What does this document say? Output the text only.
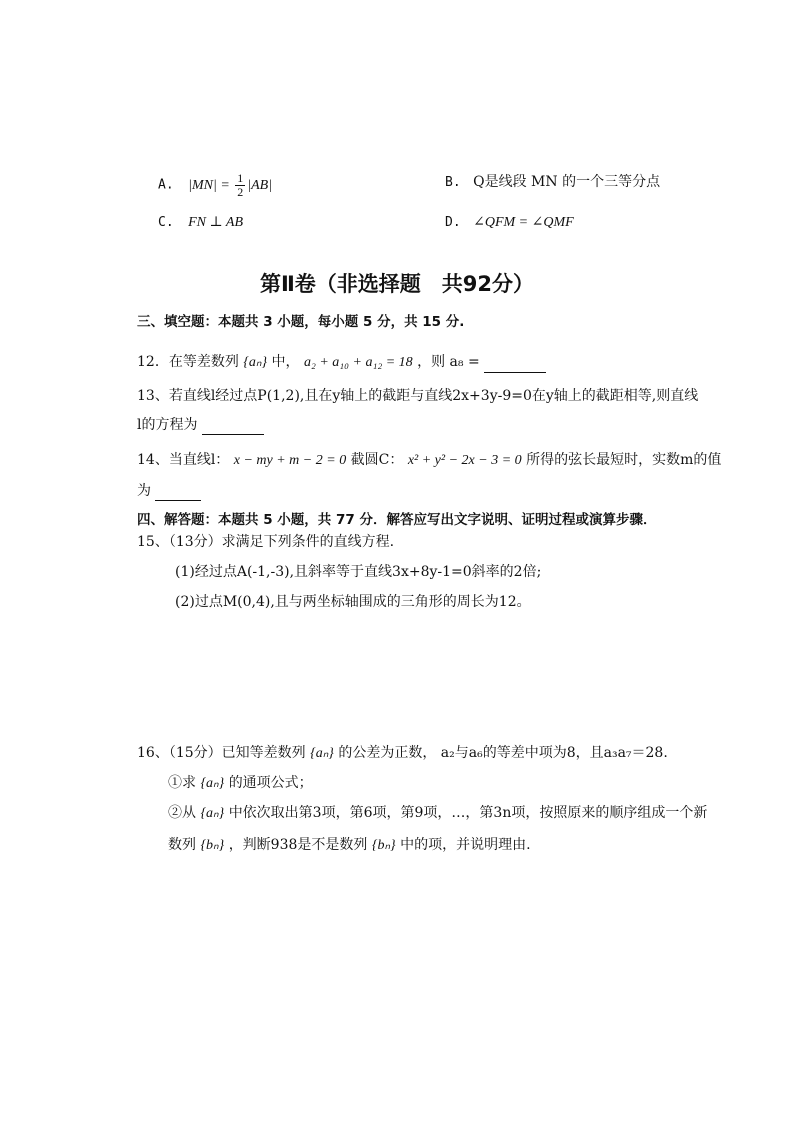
A. $|MN| = \frac{1}{2} |AB|$	B. Q是线段 MN 的一个三等分点
C. FN ⊥ AB	D. ∠QFM = ∠QMF
第Ⅱ卷（非选择题　共92分）
三、填空题：本题共 3 小题，每小题 5 分，共 15 分.
12．在等差数列 {aₙ} 中， a₂ + a₁₀ + a₁₂ = 18 ，则 a₈ =
13、若直线l经过点P(1,2),且在y轴上的截距与直线2x+3y-9=0在y轴上的截距相等,则直线
l的方程为
14、当直线l： x − my + m − 2 = 0 截圆C： x² + y² − 2x − 3 = 0 所得的弦长最短时，实数m的值
为
四、解答题：本题共 5 小题，共 77 分．解答应写出文字说明、证明过程或演算步骤．
15、（13分）求满足下列条件的直线方程.
(1)经过点A(-1,-3),且斜率等于直线3x+8y-1=0斜率的2倍;
(2)过点M(0,4),且与两坐标轴围成的三角形的周长为12。
16、（15分）已知等差数列 {aₙ} 的公差为正数， a₂与a₆的等差中项为8，且a₃a₇＝28.
①求 {aₙ} 的通项公式；
②从 {aₙ} 中依次取出第3项，第6项，第9项，…，第3n项，按照原来的顺序组成一个新
数列 {bₙ} ，判断938是不是数列 {bₙ} 中的项，并说明理由.
